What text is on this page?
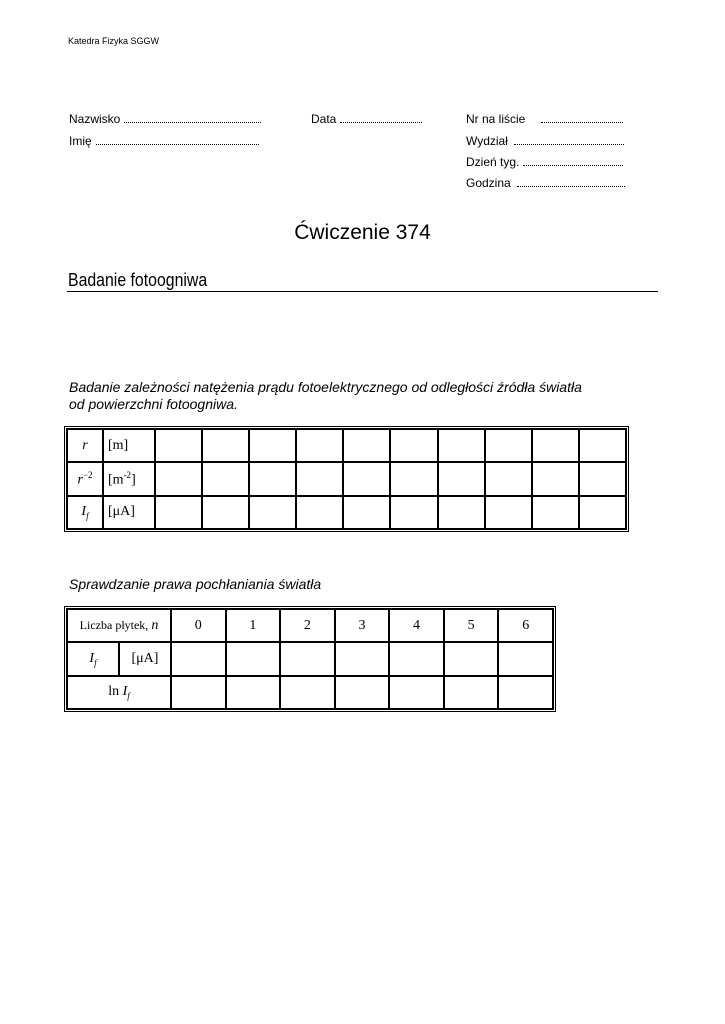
Katedra Fizyka SGGW
Nazwisko	Data	Nr na liście
Imię	Wydział
Dzień tyg.
Godzina
Ćwiczenie 374
Badanie fotoogniwa
Badanie zależności natężenia prądu fotoelektrycznego od odległości źródła światła
od powierzchni fotoogniwa.
r	[m]										
$r^{-2}$	$[m^{-2}]$										
$I_f$	[μA]										
Sprawdzanie prawa pochłaniania światła
Liczba płytek, n		0	1	2	3	4	5	6
$I_f$	[μA]							
$\ln I_f$							
